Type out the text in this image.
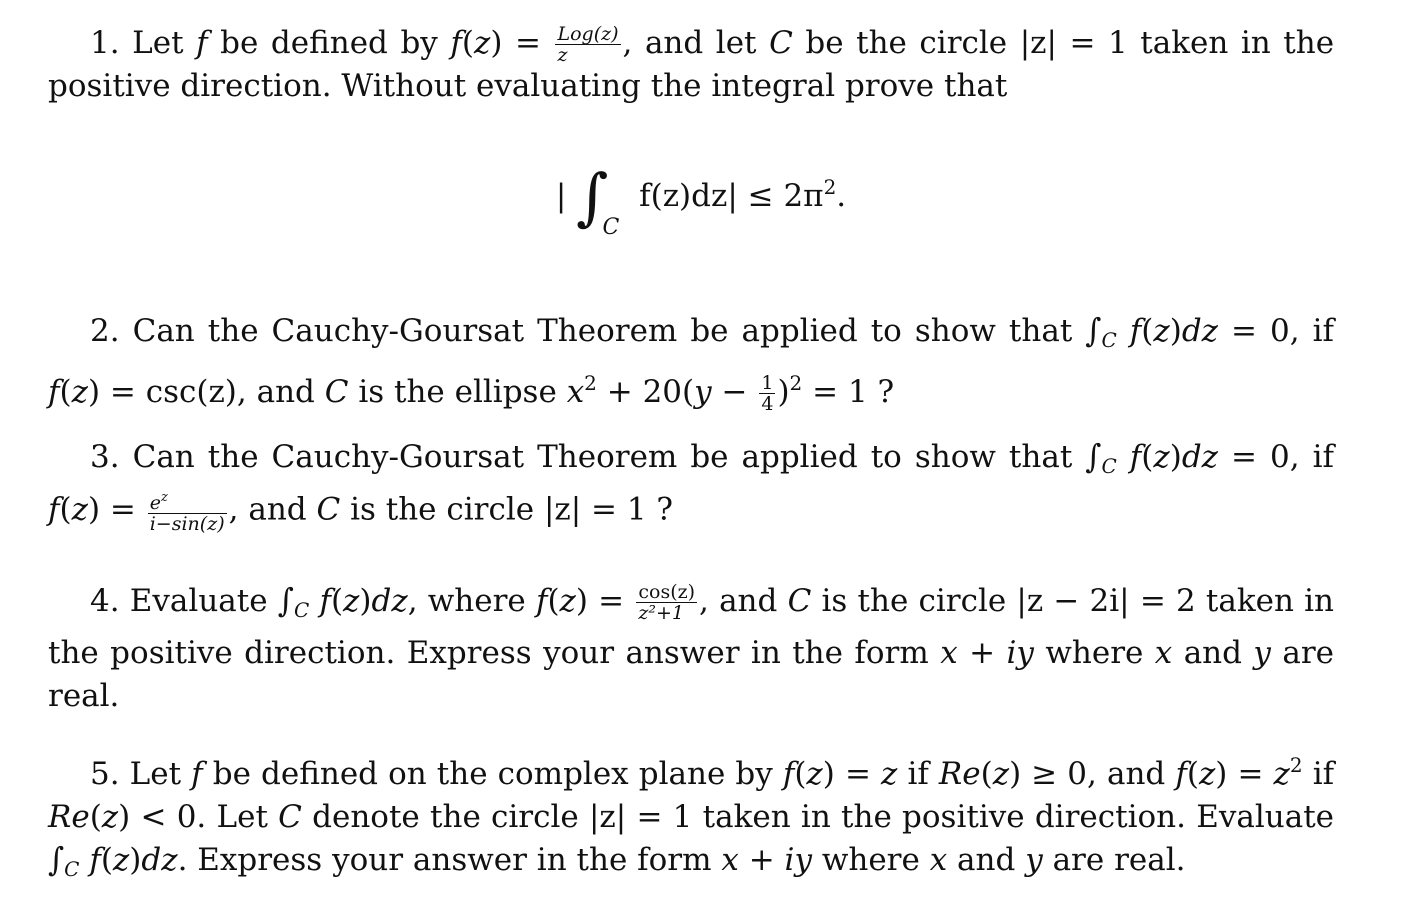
1. Let f be defined by $f(z) = \frac{\text{Log(z)}}{z}$ , and let C be the circle |z| = 1 taken in the positive direction. Without evaluating the integral prove that
| $\int_C$ $f(z)dz| \le 2\pi^2$.
2. Can the Cauchy-Goursat Theorem be applied to show that $\int_C$ f(z)dz = 0, if f(z) = csc(z), and C is the ellipse $x^2 + 20(y - \frac{1}{4} )^2 = 1$ ?
3. Can the Cauchy-Goursat Theorem be applied to show that $\int_C$ f(z)dz = 0, if $f(z) = \frac{e^z}{i-\sin(z)}$ , and C is the circle |z| = 1 ?
4. Evaluate $\int_C$ f(z)dz, where $f(z) = \frac{\cos(z)}{\text{z²+1}}$ , and C is the circle |z − 2i| = 2 taken in the positive direction. Express your answer in the form x + iy where x and y are real.
5. Let f be defined on the complex plane by f(z) = z if Re(z) ≥ 0, and $f(z) = z^2$ if Re(z) < 0. Let C denote the circle |z| = 1 taken in the positive direction. Evaluate $\int_C$ f(z)dz. Express your answer in the form x + iy where x and y are real.
